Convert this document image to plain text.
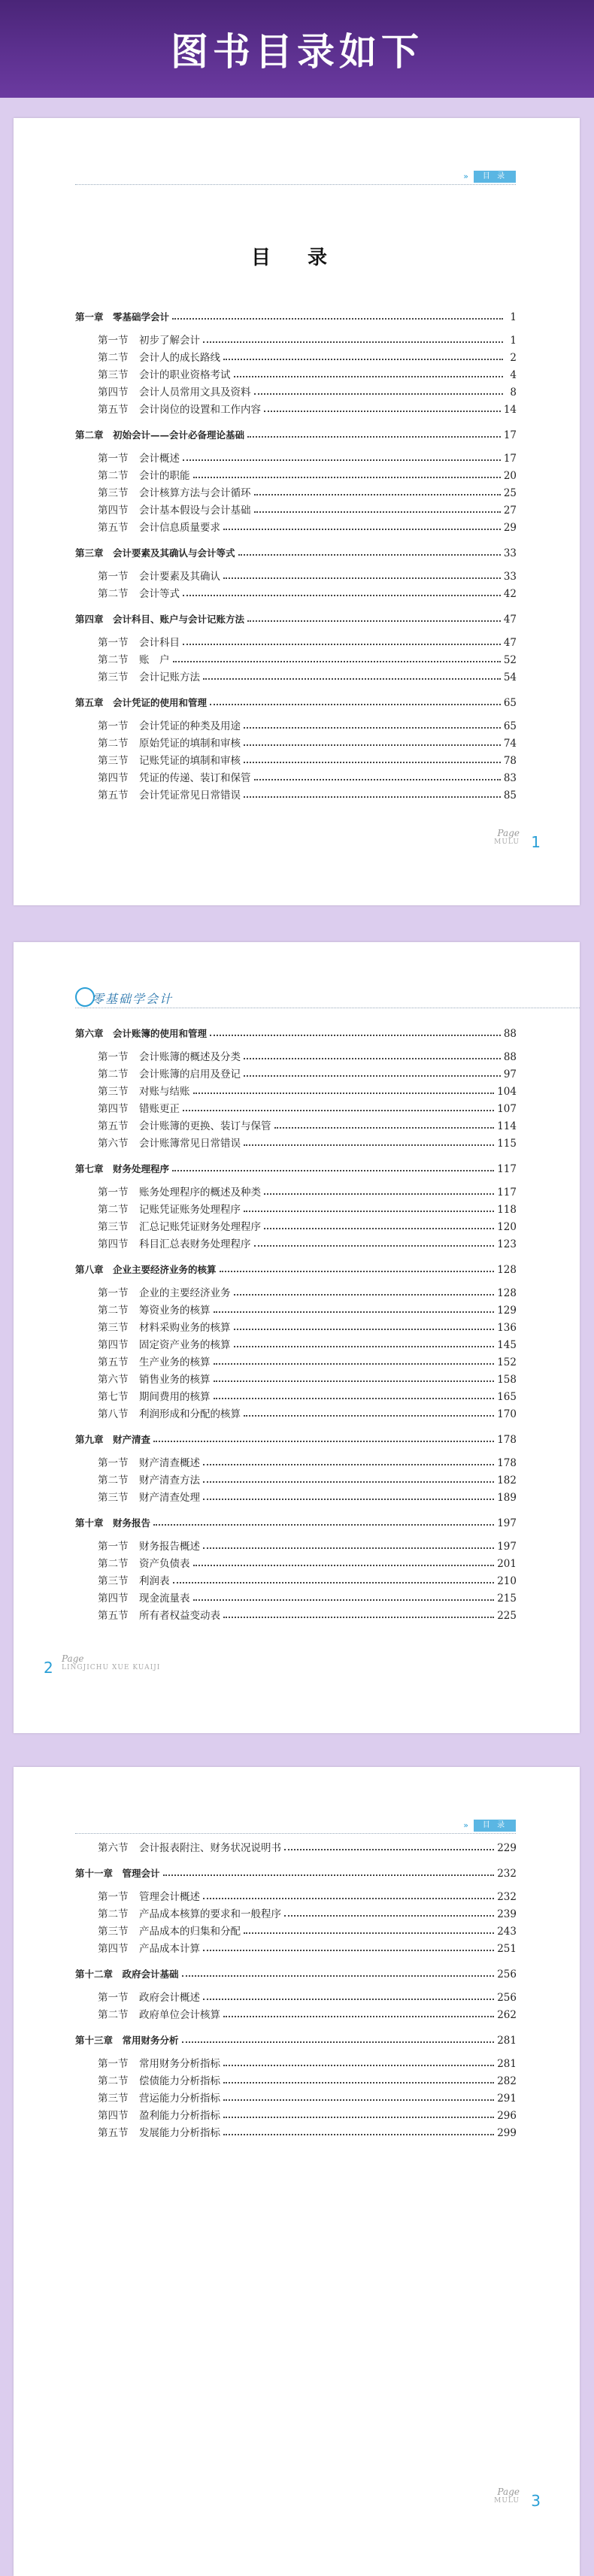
图书目录如下
»	目 录
目 录
第一章　零基础学会计	1
第一节 初步了解会计	1
第二节 会计人的成长路线	2
第三节 会计的职业资格考试	4
第四节 会计人员常用文具及资料	8
第五节 会计岗位的设置和工作内容	14
第二章　初始会计——会计必备理论基础	17
第一节 会计概述	17
第二节 会计的职能	20
第三节 会计核算方法与会计循环	25
第四节 会计基本假设与会计基础	27
第五节 会计信息质量要求	29
第三章　会计要素及其确认与会计等式	33
第一节 会计要素及其确认	33
第二节 会计等式	42
第四章　会计科目、账户与会计记账方法	47
第一节 会计科目	47
第二节 账　户	52
第三节 会计记账方法	54
第五章　会计凭证的使用和管理	65
第一节 会计凭证的种类及用途	65
第二节 原始凭证的填制和审核	74
第三节 记账凭证的填制和审核	78
第四节 凭证的传递、装订和保管	83
第五节 会计凭证常见日常错误	85
Page
MULU 1
零基础学会计
第六章　会计账簿的使用和管理	88
第一节 会计账簿的概述及分类	88
第二节 会计账簿的启用及登记	97
第三节 对账与结账	104
第四节 错账更正	107
第五节 会计账簿的更换、装订与保管	114
第六节 会计账簿常见日常错误	115
第七章　财务处理程序	117
第一节 账务处理程序的概述及种类	117
第二节 记账凭证账务处理程序	118
第三节 汇总记账凭证财务处理程序	120
第四节 科目汇总表财务处理程序	123
第八章　企业主要经济业务的核算	128
第一节 企业的主要经济业务	128
第二节 筹资业务的核算	129
第三节 材料采购业务的核算	136
第四节 固定资产业务的核算	145
第五节 生产业务的核算	152
第六节 销售业务的核算	158
第七节 期间费用的核算	165
第八节 利润形成和分配的核算	170
第九章　财产清查	178
第一节 财产清查概述	178
第二节 财产清查方法	182
第三节 财产清查处理	189
第十章　财务报告	197
第一节 财务报告概述	197
第二节 资产负债表	201
第三节 利润表	210
第四节 现金流量表	215
第五节 所有者权益变动表	225
2 Page
LINGJICHU XUE KUAIJI
»	目 录
第六节 会计报表附注、财务状况说明书	229
第十一章　管理会计	232
第一节 管理会计概述	232
第二节 产品成本核算的要求和一般程序	239
第三节 产品成本的归集和分配	243
第四节 产品成本计算	251
第十二章　政府会计基础	256
第一节 政府会计概述	256
第二节 政府单位会计核算	262
第十三章　常用财务分析	281
第一节 常用财务分析指标	281
第二节 偿债能力分析指标	282
第三节 营运能力分析指标	291
第四节 盈利能力分析指标	296
第五节 发展能力分析指标	299
Page
MULU 3
